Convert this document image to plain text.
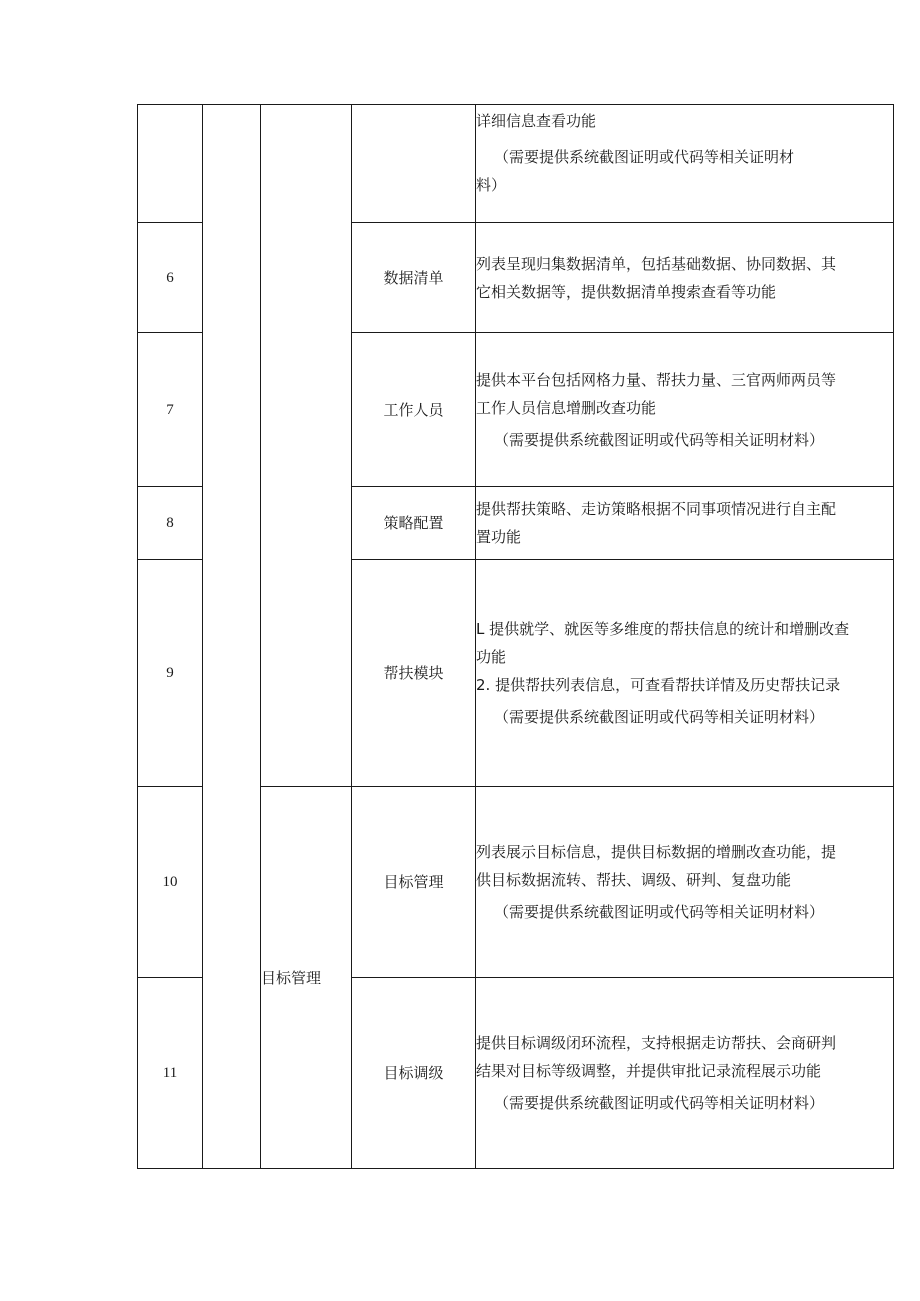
				详细信息查看功能
（需要提供系统截图证明或代码等相关证明材
料）

6			数据清单	列表呈现归集数据清单，包括基础数据、协同数据、其
它相关数据等，提供数据清单搜索查看等功能

7			工作人员	提供本平台包括网格力量、帮扶力量、三官两师两员等
工作人员信息增删改查功能
（需要提供系统截图证明或代码等相关证明材料）

8			策略配置	提供帮扶策略、走访策略根据不同事项情况进行自主配
置功能

9			帮扶模块	L 提供就学、就医等多维度的帮扶信息的统计和增删改查
功能
2. 提供帮扶列表信息，可查看帮扶详情及历史帮扶记录
（需要提供系统截图证明或代码等相关证明材料）

10		目标管理	目标管理	列表展示目标信息，提供目标数据的增删改查功能，提
供目标数据流转、帮扶、调级、研判、复盘功能
（需要提供系统截图证明或代码等相关证明材料）

11			目标调级	提供目标调级闭环流程，支持根据走访帮扶、会商研判
结果对目标等级调整，并提供审批记录流程展示功能
（需要提供系统截图证明或代码等相关证明材料）
